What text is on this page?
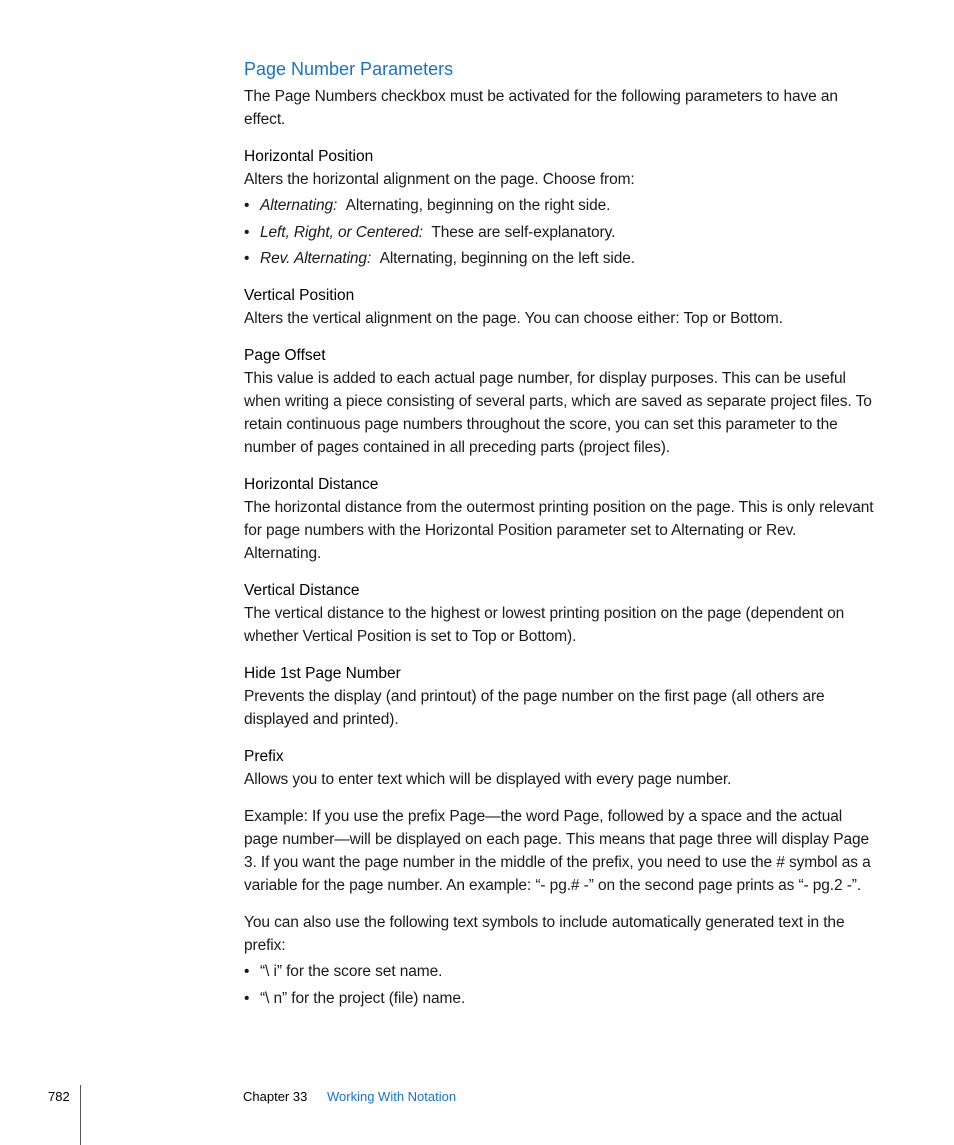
Page Number Parameters

The Page Numbers checkbox must be activated for the following parameters to have an effect.

Horizontal Position

Alters the horizontal alignment on the page. Choose from:

• Alternating: Alternating, beginning on the right side.
• Left, Right, or Centered: These are self-explanatory.
• Rev. Alternating: Alternating, beginning on the left side.
Vertical Position

Alters the vertical alignment on the page. You can choose either: Top or Bottom.

Page Offset

This value is added to each actual page number, for display purposes. This can be useful when writing a piece consisting of several parts, which are saved as separate project files. To retain continuous page numbers throughout the score, you can set this parameter to the number of pages contained in all preceding parts (project files).

Horizontal Distance

The horizontal distance from the outermost printing position on the page. This is only relevant for page numbers with the Horizontal Position parameter set to Alternating or Rev. Alternating.

Vertical Distance

The vertical distance to the highest or lowest printing position on the page (dependent on whether Vertical Position is set to Top or Bottom).

Hide 1st Page Number

Prevents the display (and printout) of the page number on the first page (all others are displayed and printed).

Prefix

Allows you to enter text which will be displayed with every page number.

Example: If you use the prefix Page—the word Page, followed by a space and the actual page number—will be displayed on each page. This means that page three will display Page 3. If you want the page number in the middle of the prefix, you need to use the # symbol as a variable for the page number. An example: “- pg.# -” on the second page prints as “- pg.2 -”.

You can also use the following text symbols to include automatically generated text in the prefix:

• “\ i” for the score set name.
• “\ n” for the project (file) name.
782	Chapter 33 Working With Notation
